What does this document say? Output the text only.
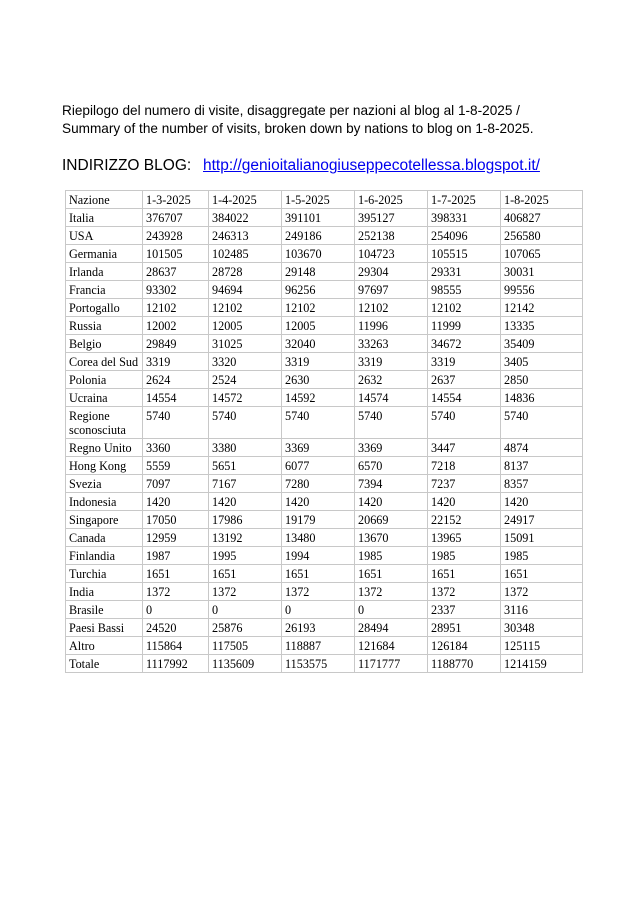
Riepilogo del numero di visite, disaggregate per nazioni al blog al 1-8-2025 /
Summary of the number of visits, broken down by nations to blog on 1-8-2025.
INDIRIZZO BLOG: http://genioitalianogiuseppecotellessa.blogspot.it/
Nazione	1-3-2025	1-4-2025	1-5-2025	1-6-2025	1-7-2025	1-8-2025
Italia	376707	384022	391101	395127	398331	406827
USA	243928	246313	249186	252138	254096	256580
Germania	101505	102485	103670	104723	105515	107065
Irlanda	28637	28728	29148	29304	29331	30031
Francia	93302	94694	96256	97697	98555	99556
Portogallo	12102	12102	12102	12102	12102	12142
Russia	12002	12005	12005	11996	11999	13335
Belgio	29849	31025	32040	33263	34672	35409
Corea del Sud	3319	3320	3319	3319	3319	3405
Polonia	2624	2524	2630	2632	2637	2850
Ucraina	14554	14572	14592	14574	14554	14836
Regione sconosciuta	5740	5740	5740	5740	5740	5740
Regno Unito	3360	3380	3369	3369	3447	4874
Hong Kong	5559	5651	6077	6570	7218	8137
Svezia	7097	7167	7280	7394	7237	8357
Indonesia	1420	1420	1420	1420	1420	1420
Singapore	17050	17986	19179	20669	22152	24917
Canada	12959	13192	13480	13670	13965	15091
Finlandia	1987	1995	1994	1985	1985	1985
Turchia	1651	1651	1651	1651	1651	1651
India	1372	1372	1372	1372	1372	1372
Brasile	0	0	0	0	2337	3116
Paesi Bassi	24520	25876	26193	28494	28951	30348
Altro	115864	117505	118887	121684	126184	125115
Totale	1117992	1135609	1153575	1171777	1188770	1214159
